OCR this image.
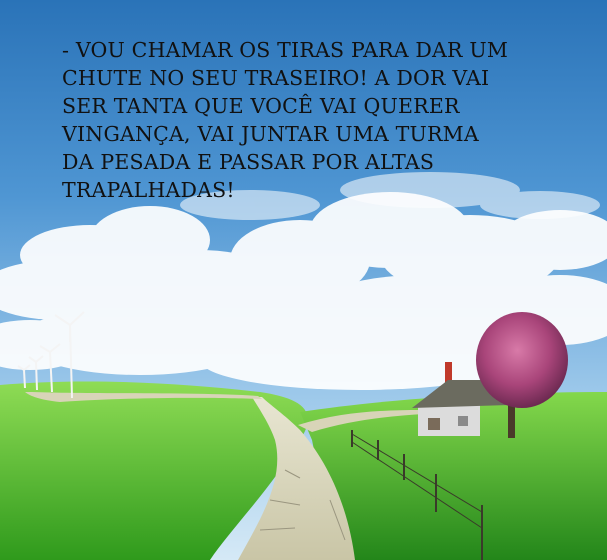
- VOU CHAMAR OS TIRAS PARA DAR UM
CHUTE NO SEU TRASEIRO! A DOR VAI
SER TANTA QUE VOCÊ VAI QUERER
VINGANÇA, VAI JUNTAR UMA TURMA
DA PESADA E PASSAR POR ALTAS
TRAPALHADAS!
